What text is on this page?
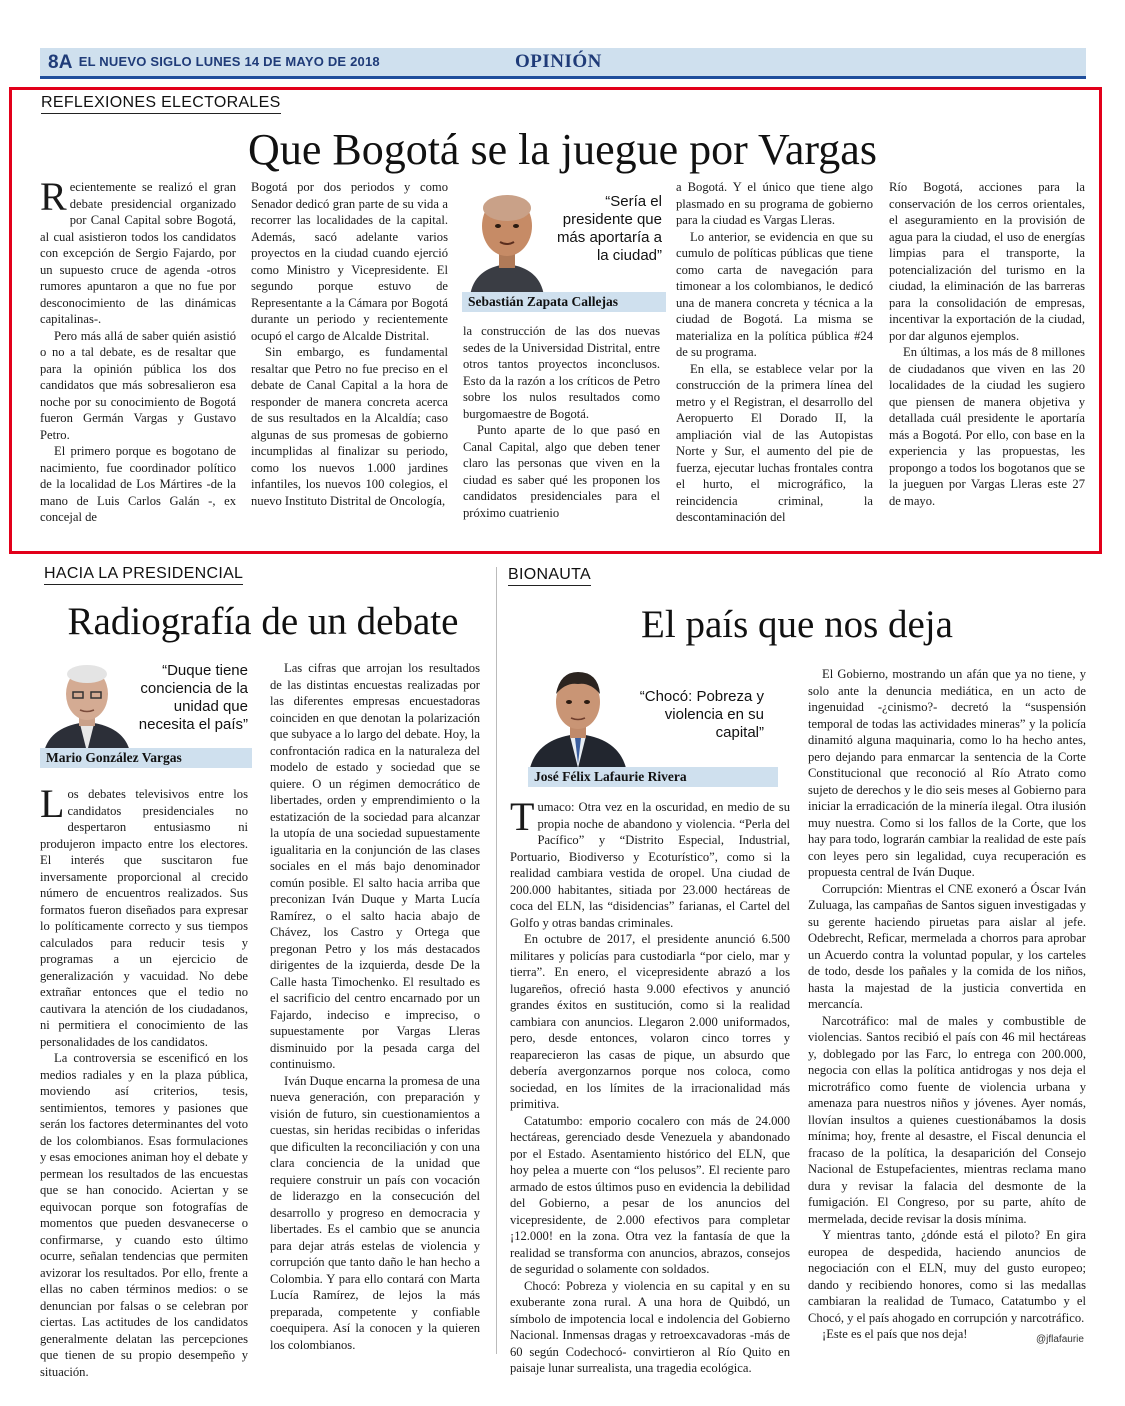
8A EL NUEVO SIGLO LUNES 14 DE MAYO DE 2018	OPINIÓN
REFLEXIONES ELECTORALES
Que Bogotá se la juegue por Vargas

Recientemente se realizó el gran debate presidencial organizado por Canal Capital sobre Bogotá, al cual asistieron todos los candidatos con excepción de Sergio Fajardo, por un supuesto cruce de agenda -otros rumores apuntaron a que no fue por desconocimiento de las dinámicas capitalinas-.

Pero más allá de saber quién asistió o no a tal debate, es de resaltar que para la opinión pública los dos candidatos que más sobresalieron esa noche por su conocimiento de Bogotá fueron Germán Vargas y Gustavo Petro.

El primero porque es bogotano de nacimiento, fue coordinador político de la localidad de Los Mártires -de la mano de Luis Carlos Galán -, ex concejal de

Bogotá por dos periodos y como Senador dedicó gran parte de su vida a recorrer las localidades de la capital. Además, sacó adelante varios proyectos en la ciudad cuando ejerció como Ministro y Vicepresidente. El segundo porque estuvo de Representante a la Cámara por Bogotá durante un periodo y recientemente ocupó el cargo de Alcalde Distrital.

Sin embargo, es fundamental resaltar que Petro no fue preciso en el debate de Canal Capital a la hora de responder de manera concreta acerca de sus resultados en la Alcaldía; caso algunas de sus promesas de gobierno incumplidas al finalizar su periodo, como los nuevos 1.000 jardines infantiles, los nuevos 100 colegios, el nuevo Instituto Distrital de Oncología,

“Sería el presidente que más aportaría a la ciudad”
Sebastián Zapata Callejas

la construcción de las dos nuevas sedes de la Universidad Distrital, entre otros tantos proyectos inconclusos. Esto da la razón a los críticos de Petro sobre los nulos resultados como burgomaestre de Bogotá.

Punto aparte de lo que pasó en Canal Capital, algo que deben tener claro las personas que viven en la ciudad es saber qué les proponen los candidatos presidenciales para el próximo cuatrienio

a Bogotá. Y el único que tiene algo plasmado en su programa de gobierno para la ciudad es Vargas Lleras.

Lo anterior, se evidencia en que su cumulo de políticas públicas que tiene como carta de navegación para timonear a los colombianos, le dedicó una de manera concreta y técnica a la ciudad de Bogotá. La misma se materializa en la política pública #24 de su programa.

En ella, se establece velar por la construcción de la primera línea del metro y el Registran, el desarrollo del Aeropuerto El Dorado II, la ampliación vial de las Autopistas Norte y Sur, el aumento del pie de fuerza, ejecutar luchas frontales contra el hurto, el micrográfico, la reincidencia criminal, la descontaminación del

Río Bogotá, acciones para la conservación de los cerros orientales, el aseguramiento en la provisión de agua para la ciudad, el uso de energías limpias para el transporte, la potencialización del turismo en la ciudad, la eliminación de las barreras para la consolidación de empresas, incentivar la exportación de la ciudad, por dar algunos ejemplos.

En últimas, a los más de 8 millones de ciudadanos que viven en las 20 localidades de la ciudad les sugiero que piensen de manera objetiva y detallada cuál presidente le aportaría más a Bogotá. Por ello, con base en la experiencia y las propuestas, les propongo a todos los bogotanos que se la jueguen por Vargas Lleras este 27 de mayo.

HACIA LA PRESIDENCIAL
Radiografía de un debate
“Duque tiene conciencia de la unidad que necesita el país”
Mario González Vargas

Los debates televisivos entre los candidatos presidenciales no despertaron entusiasmo ni produjeron impacto entre los electores. El interés que suscitaron fue inversamente proporcional al crecido número de encuentros realizados. Sus formatos fueron diseñados para expresar lo políticamente correcto y sus tiempos calculados para reducir tesis y programas a un ejercicio de generalización y vacuidad. No debe extrañar entonces que el tedio no cautivara la atención de los ciudadanos, ni permitiera el conocimiento de las personalidades de los candidatos.

La controversia se escenificó en los medios radiales y en la plaza pública, moviendo así criterios, tesis, sentimientos, temores y pasiones que serán los factores determinantes del voto de los colombianos. Esas formulaciones y esas emociones animan hoy el debate y permean los resultados de las encuestas que se han conocido. Aciertan y se equivocan porque son fotografías de momentos que pueden desvanecerse o confirmarse, y cuando esto último ocurre, señalan tendencias que permiten avizorar los resultados. Por ello, frente a ellas no caben términos medios: o se denuncian por falsas o se celebran por ciertas. Las actitudes de los candidatos generalmente delatan las percepciones que tienen de su propio desempeño y situación.

Las cifras que arrojan los resultados de las distintas encuestas realizadas por las diferentes empresas encuestadoras coinciden en que denotan la polarización que subyace a lo largo del debate. Hoy, la confrontación radica en la naturaleza del modelo de estado y sociedad que se quiere. O un régimen democrático de libertades, orden y emprendimiento o la estatización de la sociedad para alcanzar la utopía de una sociedad supuestamente igualitaria en la conjunción de las clases sociales en el más bajo denominador común posible. El salto hacia arriba que preconizan Iván Duque y Marta Lucía Ramírez, o el salto hacia abajo de Chávez, los Castro y Ortega que pregonan Petro y los más destacados dirigentes de la izquierda, desde De la Calle hasta Timochenko. El resultado es el sacrificio del centro encarnado por un Fajardo, indeciso e impreciso, o supuestamente por Vargas Lleras disminuido por la pesada carga del continuismo.

Iván Duque encarna la promesa de una nueva generación, con preparación y visión de futuro, sin cuestionamientos a cuestas, sin heridas recibidas o inferidas que dificulten la reconciliación y con una clara conciencia de la unidad que requiere construir un país con vocación de liderazgo en la consecución del desarrollo y progreso en democracia y libertades. Es el cambio que se anuncia para dejar atrás estelas de violencia y corrupción que tanto daño le han hecho a Colombia. Y para ello contará con Marta Lucía Ramírez, de lejos la más preparada, competente y confiable coequipera. Así la conocen y la quieren los colombianos.

BIONAUTA
El país que nos deja
“Chocó: Pobreza y violencia en su capital”
José Félix Lafaurie Rivera

Tumaco: Otra vez en la oscuridad, en medio de su propia noche de abandono y violencia. “Perla del Pacífico” y “Distrito Especial, Industrial, Portuario, Biodiverso y Ecoturístico”, como si la realidad cambiara vestida de oropel. Una ciudad de 200.000 habitantes, sitiada por 23.000 hectáreas de coca del ELN, las “disidencias” farianas, el Cartel del Golfo y otras bandas criminales.

En octubre de 2017, el presidente anunció 6.500 militares y policías para custodiarla “por cielo, mar y tierra”. En enero, el vicepresidente abrazó a los lugareños, ofreció hasta 9.000 efectivos y anunció grandes éxitos en sustitución, como si la realidad cambiara con anuncios. Llegaron 2.000 uniformados, pero, desde entonces, volaron cinco torres y reaparecieron las casas de pique, un absurdo que debería avergonzarnos porque nos coloca, como sociedad, en los límites de la irracionalidad más primitiva.

Catatumbo: emporio cocalero con más de 24.000 hectáreas, gerenciado desde Venezuela y abandonado por el Estado. Asentamiento histórico del ELN, que hoy pelea a muerte con “los pelusos”. El reciente paro armado de estos últimos puso en evidencia la debilidad del Gobierno, a pesar de los anuncios del vicepresidente, de 2.000 efectivos para completar ¡12.000! en la zona. Otra vez la fantasía de que la realidad se transforma con anuncios, abrazos, consejos de seguridad o solamente con soldados.

Chocó: Pobreza y violencia en su capital y en su exuberante zona rural. A una hora de Quibdó, un símbolo de impotencia local e indolencia del Gobierno Nacional. Inmensas dragas y retroexcavadoras -más de 60 según Codechocó- convirtieron al Río Quito en paisaje lunar surrealista, una tragedia ecológica.

El Gobierno, mostrando un afán que ya no tiene, y solo ante la denuncia mediática, en un acto de ingenuidad -¿cinismo?- decretó la “suspensión temporal de todas las actividades mineras” y la policía dinamitó alguna maquinaria, como lo ha hecho antes, pero dejando para enmarcar la sentencia de la Corte Constitucional que reconoció al Río Atrato como sujeto de derechos y le dio seis meses al Gobierno para iniciar la erradicación de la minería ilegal. Otra ilusión muy nuestra. Como si los fallos de la Corte, que los hay para todo, lograrán cambiar la realidad de este país con leyes pero sin legalidad, cuya recuperación es propuesta central de Iván Duque.

Corrupción: Mientras el CNE exoneró a Óscar Iván Zuluaga, las campañas de Santos siguen investigadas y su gerente haciendo piruetas para aislar al jefe. Odebrecht, Reficar, mermelada a chorros para aprobar un Acuerdo contra la voluntad popular, y los carteles de todo, desde los pañales y la comida de los niños, hasta la majestad de la justicia convertida en mercancía.

Narcotráfico: mal de males y combustible de violencias. Santos recibió el país con 46 mil hectáreas y, doblegado por las Farc, lo entrega con 200.000, negocia con ellas la política antidrogas y nos deja el microtráfico como fuente de violencia urbana y amenaza para nuestros niños y jóvenes. Ayer nomás, llovían insultos a quienes cuestionábamos la dosis mínima; hoy, frente al desastre, el Fiscal denuncia el fracaso de la política, la desaparición del Consejo Nacional de Estupefacientes, mientras reclama mano dura y revisar la falacia del desmonte de la fumigación. El Congreso, por su parte, ahíto de mermelada, decide revisar la dosis mínima.

Y mientras tanto, ¿dónde está el piloto? En gira europea de despedida, haciendo anuncios de negociación con el ELN, muy del gusto europeo; dando y recibiendo honores, como si las medallas cambiaran la realidad de Tumaco, Catatumbo y el Chocó, y el país ahogado en corrupción y narcotráfico.

¡Este es el país que nos deja!	@jflafaurie
